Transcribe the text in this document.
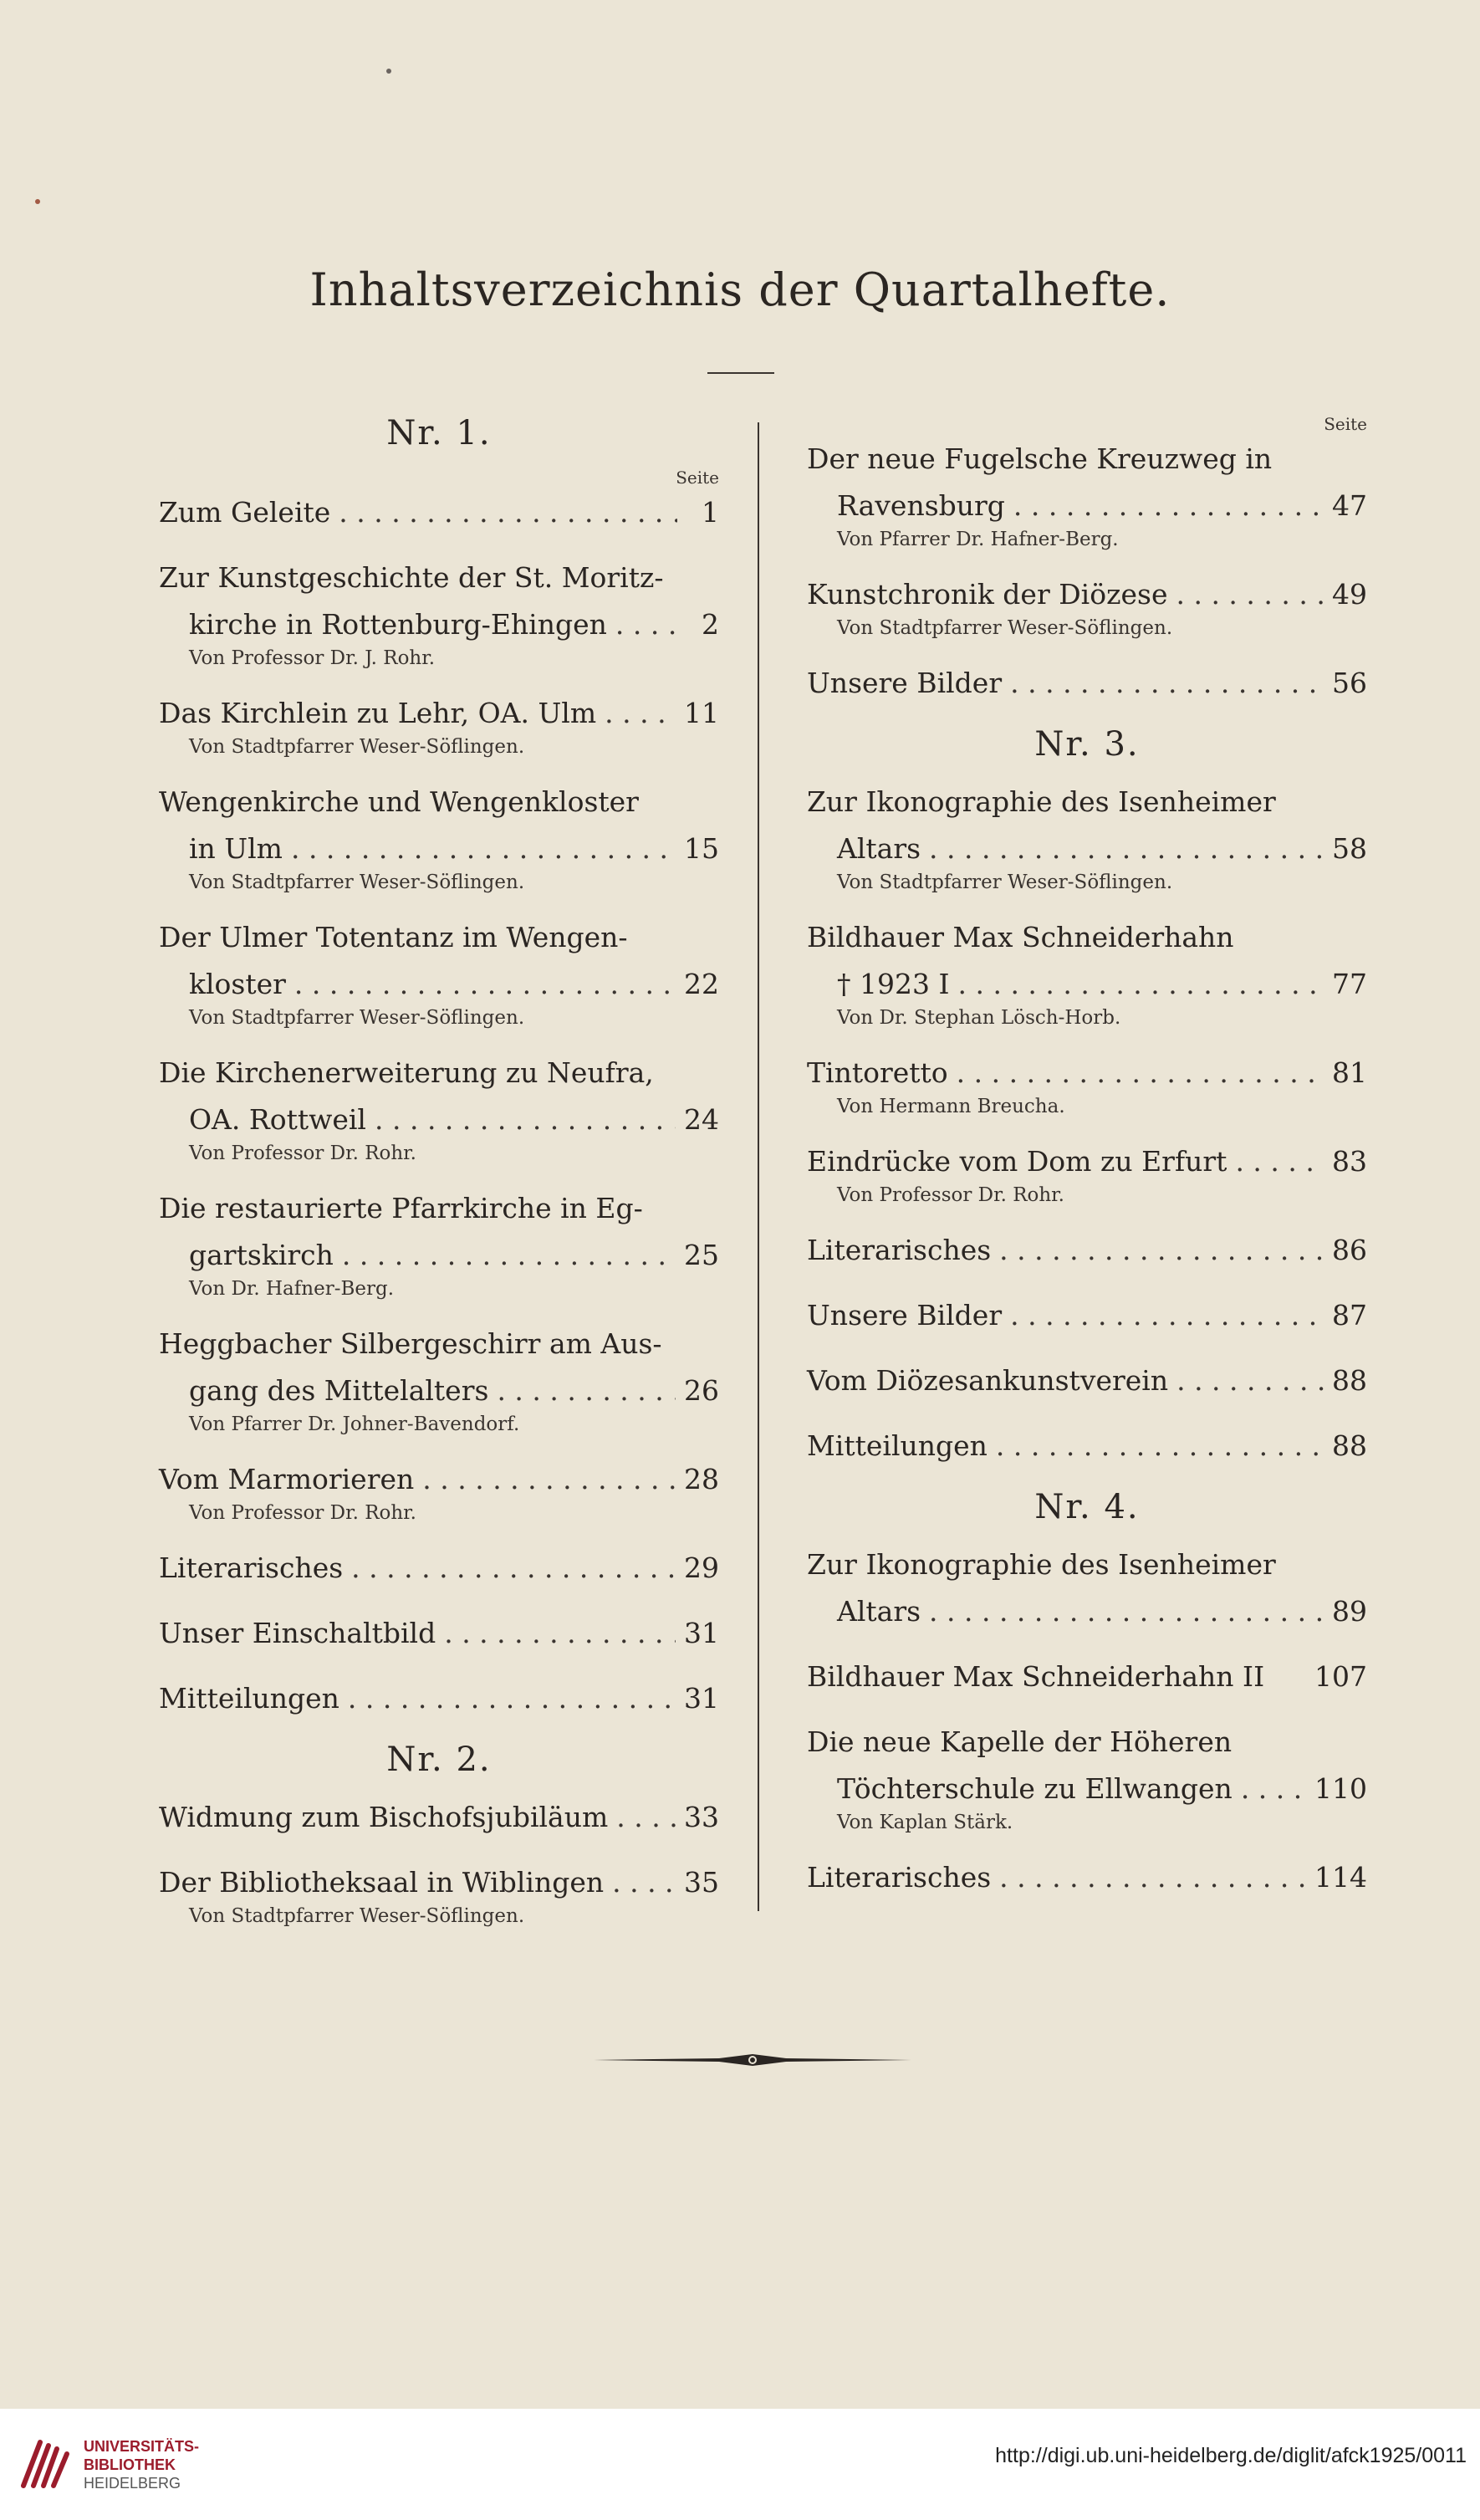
Inhaltsverzeichnis der Quartalhefte.
Nr. 1.
Seite
Zum Geleite . . .	1
Zur Kunstgeschichte der St. Moritz-
kirche in Rottenburg-Ehingen . . .	2
Von Professor Dr. J. Rohr.
Das Kirchlein zu Lehr, OA. Ulm . . .	11
Von Stadtpfarrer Weser-Söflingen.
Wengenkirche und Wengenkloster
in Ulm . . .	15
Von Stadtpfarrer Weser-Söflingen.
Der Ulmer Totentanz im Wengen-
kloster . . .	22
Von Stadtpfarrer Weser-Söflingen.
Die Kirchenerweiterung zu Neufra,
OA. Rottweil . . .	24
Von Professor Dr. Rohr.
Die restaurierte Pfarrkirche in Eg-
gartskirch . . .	25
Von Dr. Hafner-Berg.
Heggbacher Silbergeschirr am Aus-
gang des Mittelalters . . .	26
Von Pfarrer Dr. Johner-Bavendorf.
Vom Marmorieren . . .	28
Von Professor Dr. Rohr.
Literarisches . . .	29
Unser Einschaltbild . . .	31
Mitteilungen . . .	31
Nr. 2.
Widmung zum Bischofsjubiläum . . .	33
Der Bibliotheksaal in Wiblingen . . .	35
Von Stadtpfarrer Weser-Söflingen.
Seite
Der neue Fugelsche Kreuzweg in
Ravensburg . . .	47
Von Pfarrer Dr. Hafner-Berg.
Kunstchronik der Diözese . . .	49
Von Stadtpfarrer Weser-Söflingen.
Unsere Bilder . . .	56
Nr. 3.
Zur Ikonographie des Isenheimer
Altars . . .	58
Von Stadtpfarrer Weser-Söflingen.
Bildhauer Max Schneiderhahn
† 1923 I . . .	77
Von Dr. Stephan Lösch-Horb.
Tintoretto . . .	81
Von Hermann Breucha.
Eindrücke vom Dom zu Erfurt . . .	83
Von Professor Dr. Rohr.
Literarisches . . .	86
Unsere Bilder . . .	87
Vom Diözesankunstverein . . .	88
Mitteilungen . . .	88
Nr. 4.
Zur Ikonographie des Isenheimer
Altars . . .	89
Bildhauer Max Schneiderhahn II 107
Die neue Kapelle der Höheren
Töchterschule zu Ellwangen . . .	110
Von Kaplan Stärk.
Literarisches . . .	114
UNIVERSITÄTS-
BIBLIOTHEK
HEIDELBERG
http://digi.ub.uni-heidelberg.de/diglit/afck1925/0011
